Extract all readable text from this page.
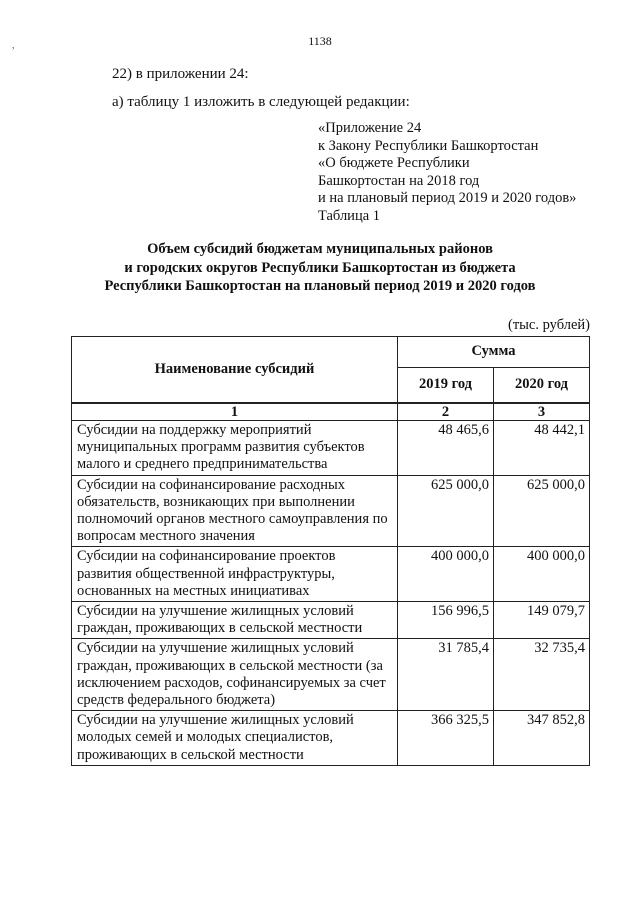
,	1138
22) в приложении 24:
а) таблицу 1 изложить в следующей редакции:
«Приложение 24
к Закону Республики Башкортостан
«О бюджете Республики
Башкортостан на 2018 год
и на плановый период 2019 и 2020 годов»
Таблица 1
Объем субсидий бюджетам муниципальных районов
и городских округов Республики Башкортостан из бюджета
Республики Башкортостан на плановый период 2019 и 2020 годов
(тыс. рублей)
Наименование субсидий	Сумма	
	2019 год	2020 год
1	2	3
Субсидии на поддержку мероприятий муниципальных программ развития субъектов малого и среднего предпринимательства	48 465,6	48 442,1
Субсидии на софинансирование расходных обязательств, возникающих при выполнении полномочий органов местного самоуправления по вопросам местного значения	625 000,0	625 000,0
Субсидии на софинансирование проектов развития общественной инфраструктуры, основанных на местных инициативах	400 000,0	400 000,0
Субсидии на улучшение жилищных условий граждан, проживающих в сельской местности	156 996,5	149 079,7
Субсидии на улучшение жилищных условий граждан, проживающих в сельской местности (за исключением расходов, софинансируемых за счет средств федерального бюджета)	31 785,4	32 735,4
Субсидии на улучшение жилищных условий молодых семей и молодых специалистов, проживающих в сельской местности	366 325,5	347 852,8
